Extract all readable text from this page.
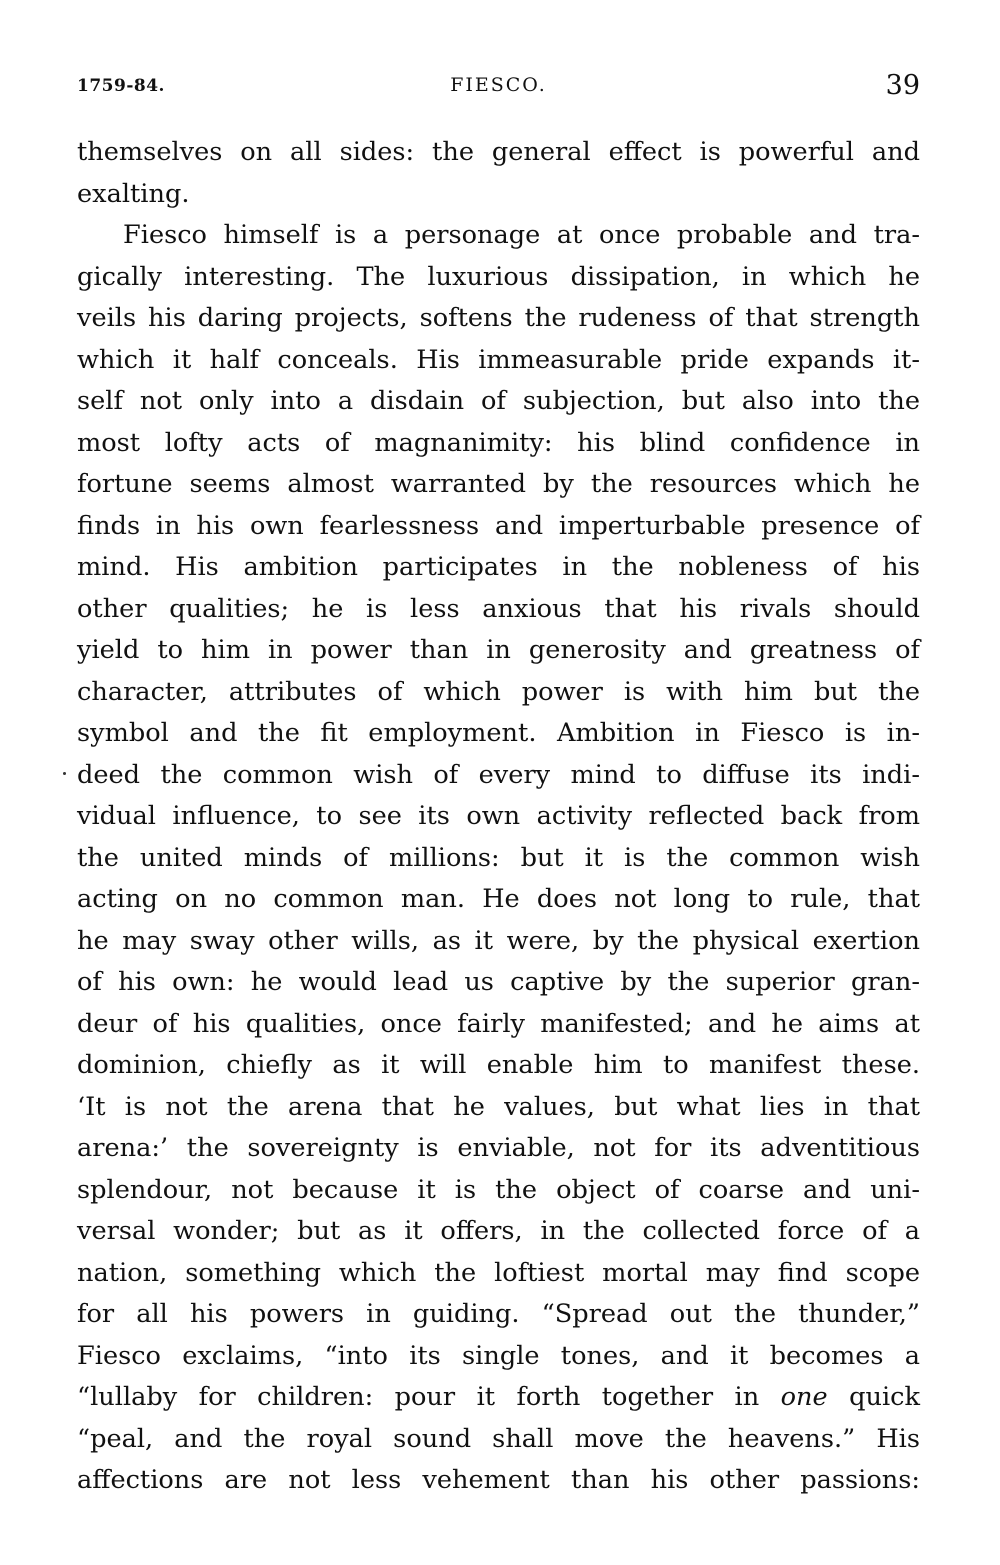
1759-84.	FIESCO.	39
themselves on all sides: the general effect is powerful and
exalting.
Fiesco himself is a personage at once probable and tra-
gically interesting. The luxurious dissipation, in which he
veils his daring projects, softens the rudeness of that strength
which it half conceals. His immeasurable pride expands it-
self not only into a disdain of subjection, but also into the
most lofty acts of magnanimity: his blind confidence in
fortune seems almost warranted by the resources which he
finds in his own fearlessness and imperturbable presence of
mind. His ambition participates in the nobleness of his
other qualities; he is less anxious that his rivals should
yield to him in power than in generosity and greatness of
character, attributes of which power is with him but the
symbol and the fit employment. Ambition in Fiesco is in-
deed the common wish of every mind to diffuse its indi-
vidual influence, to see its own activity reflected back from
the united minds of millions: but it is the common wish
acting on no common man. He does not long to rule, that
he may sway other wills, as it were, by the physical exertion
of his own: he would lead us captive by the superior gran-
deur of his qualities, once fairly manifested; and he aims at
dominion, chiefly as it will enable him to manifest these.
‘It is not the arena that he values, but what lies in that
arena:’ the sovereignty is enviable, not for its adventitious
splendour, not because it is the object of coarse and uni-
versal wonder; but as it offers, in the collected force of a
nation, something which the loftiest mortal may find scope
for all his powers in guiding. “Spread out the thunder,”
Fiesco exclaims, “into its single tones, and it becomes a
“lullaby for children: pour it forth together in one quick
“peal, and the royal sound shall move the heavens.” His
affections are not less vehement than his other passions:
